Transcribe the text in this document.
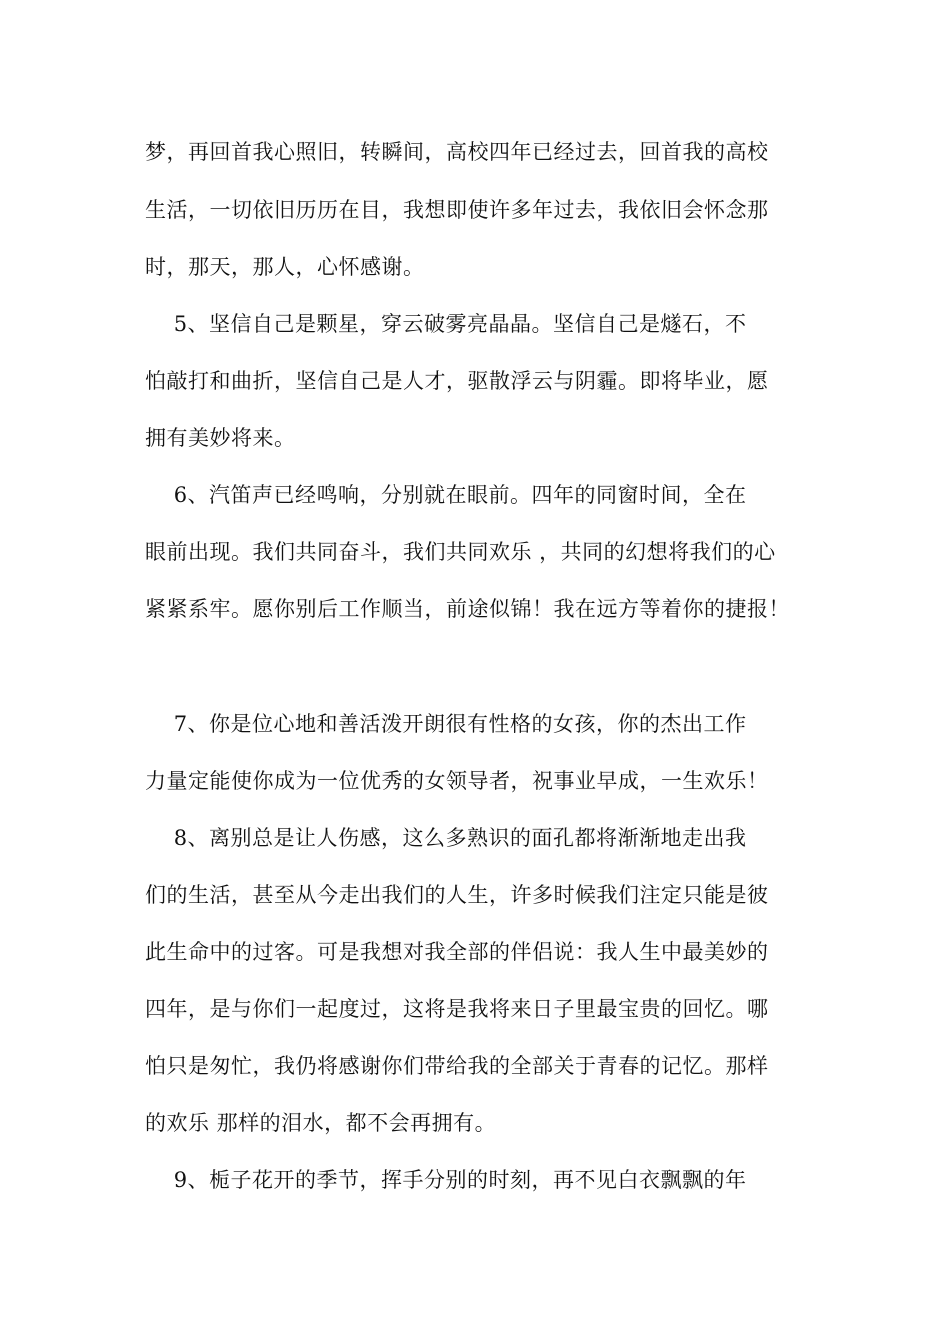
梦，再回首我心照旧，转瞬间，高校四年已经过去，回首我的高校
生活，一切依旧历历在目，我想即使许多年过去，我依旧会怀念那
时，那天，那人，心怀感谢。
5、坚信自己是颗星，穿云破雾亮晶晶。坚信自己是燧石，不
怕敲打和曲折，坚信自己是人才，驱散浮云与阴霾。即将毕业，愿
拥有美妙将来。
6、汽笛声已经鸣响，分别就在眼前。四年的同窗时间，全在
眼前出现。我们共同奋斗，我们共同欢乐 ，共同的幻想将我们的心
紧紧系牢。愿你别后工作顺当，前途似锦！我在远方等着你的捷报！
7、你是位心地和善活泼开朗很有性格的女孩，你的杰出工作
力量定能使你成为一位优秀的女领导者，祝事业早成，一生欢乐！
8、离别总是让人伤感，这么多熟识的面孔都将渐渐地走出我
们的生活，甚至从今走出我们的人生，许多时候我们注定只能是彼
此生命中的过客。可是我想对我全部的伴侣说：我人生中最美妙的
四年，是与你们一起度过，这将是我将来日子里最宝贵的回忆。哪
怕只是匆忙，我仍将感谢你们带给我的全部关于青春的记忆。那样
的欢乐 那样的泪水，都不会再拥有。
9、栀子花开的季节，挥手分别的时刻，再不见白衣飘飘的年
